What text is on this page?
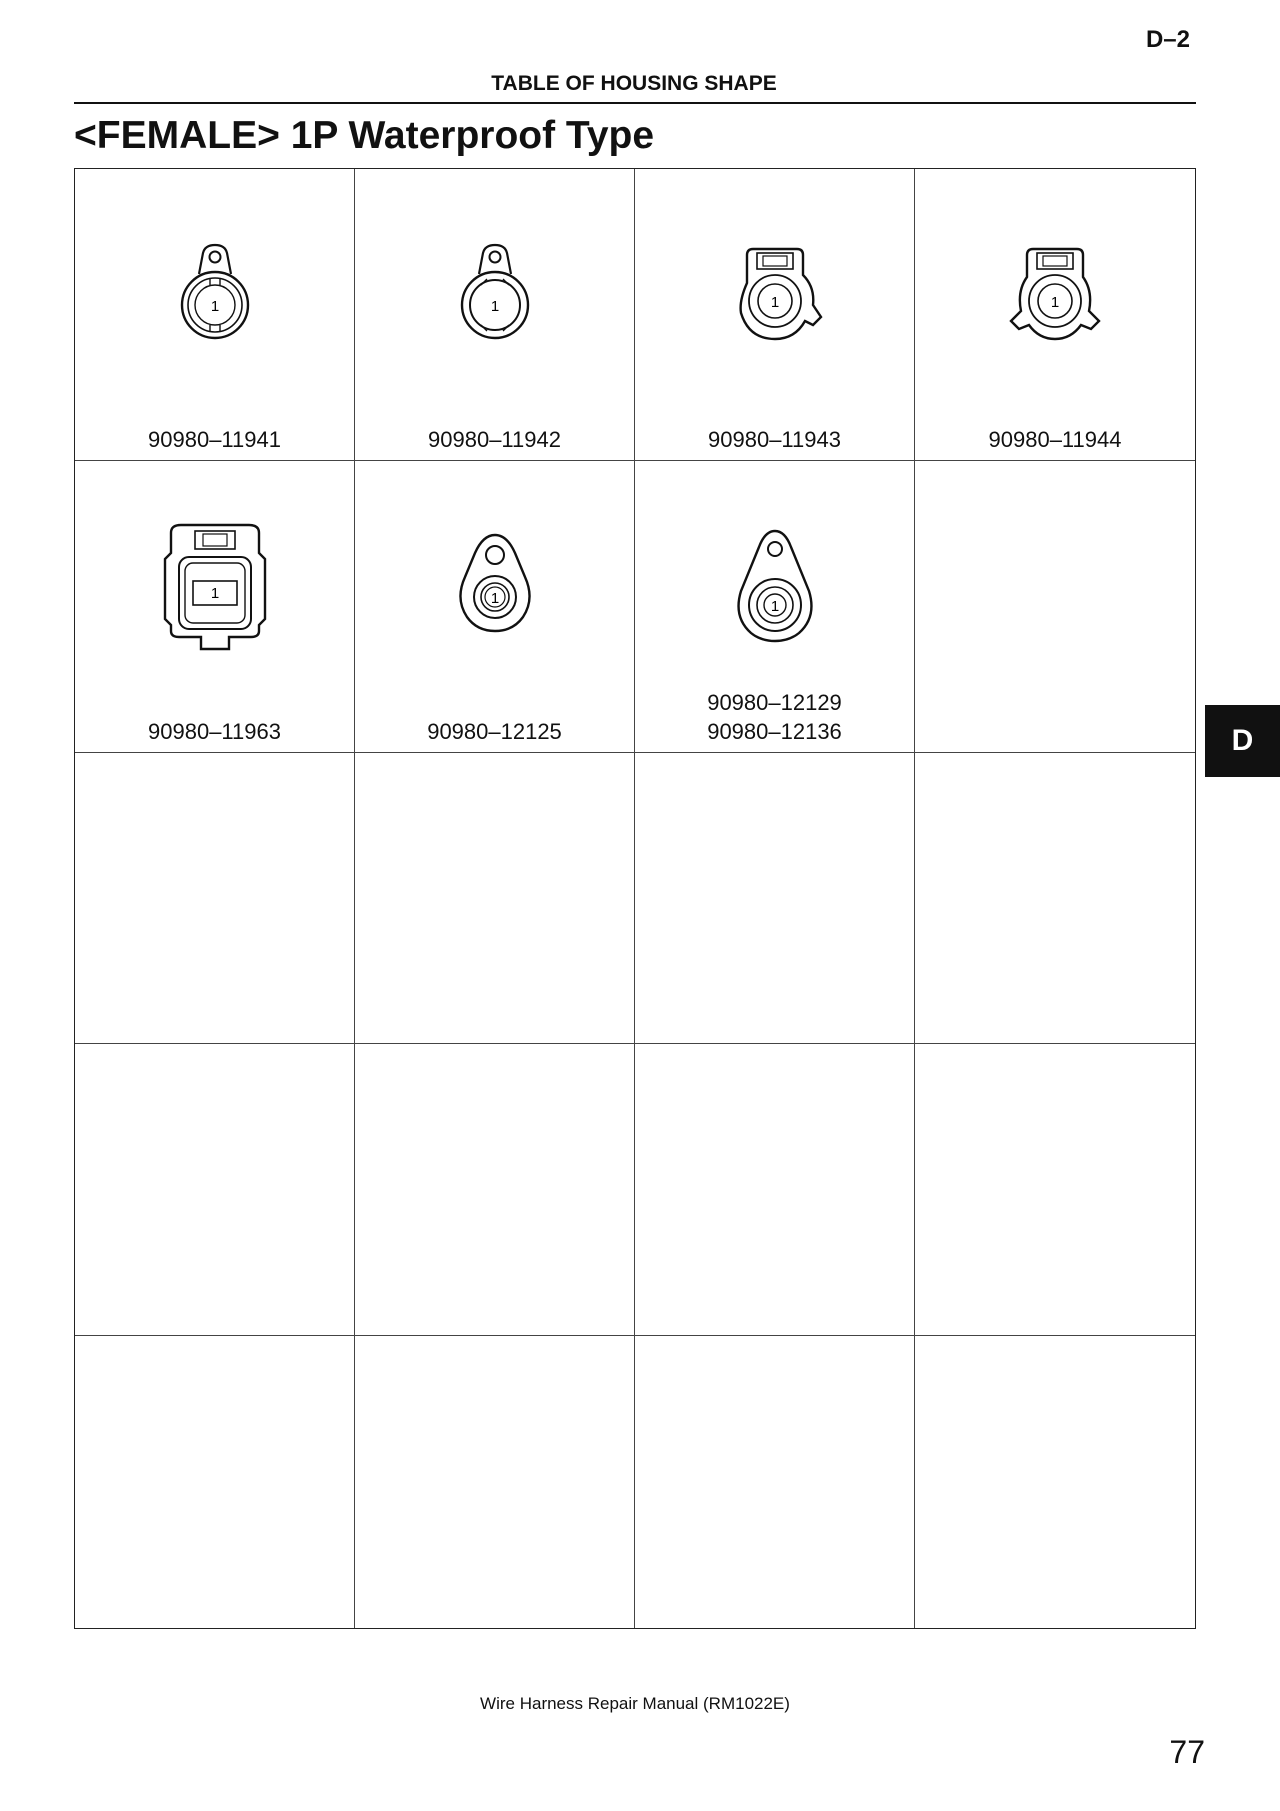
D–2
TABLE OF HOUSING SHAPE
<FEMALE> 1P Waterproof Type
1
90980–11941
1
90980–11942
1
90980–11943
1
90980–11944
1
90980–11963
1
90980–12125
1
90980–12129
90980–12136	D
Wire Harness Repair Manual (RM1022E)
77
